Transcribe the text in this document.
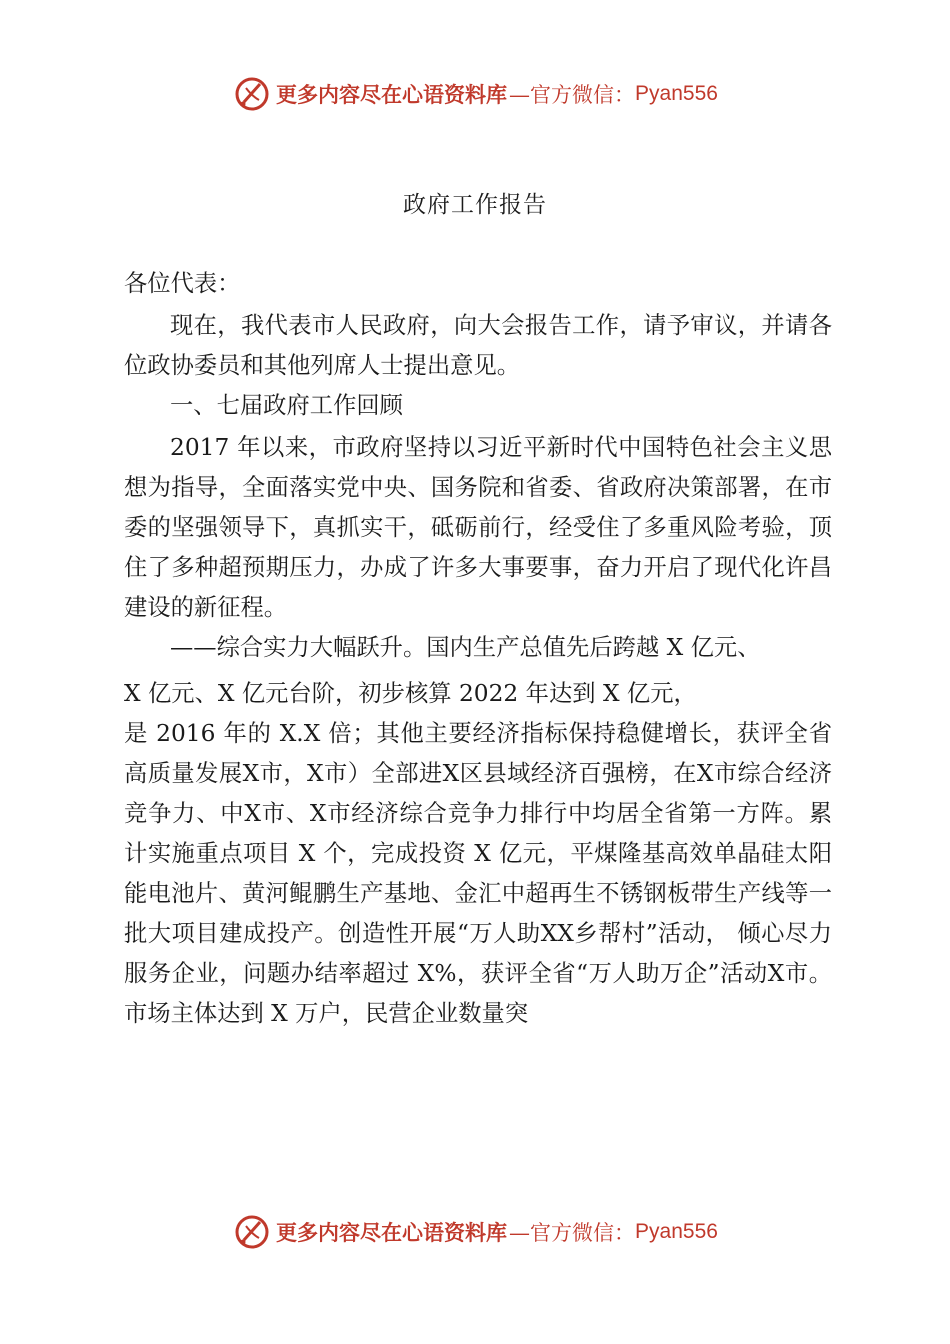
更多内容尽在心语资料库 —官方微信： Pyan556
政府工作报告

各位代表：

现在，我代表市人民政府，向大会报告工作，请予审议，并请各位政协委员和其他列席人士提出意见。

一、七届政府工作回顾

2017 年以来，市政府坚持以习近平新时代中国特色社会主义思想为指导，全面落实党中央、国务院和省委、省政府决策部署，在市委的坚强领导下，真抓实干，砥砺前行，经受住了多重风险考验，顶住了多种超预期压力，办成了许多大事要事，奋力开启了现代化许昌建设的新征程。

——综合实力大幅跃升。国内生产总值先后跨越 X 亿元、

X 亿元、X 亿元台阶，初步核算 2022 年达到 X 亿元，

是 2016 年的 X.X 倍；其他主要经济指标保持稳健增长，获评全省高质量发展X市，X市）全部进X区县域经济百强榜，在X市综合经济竞争力、中X市、X市经济综合竞争力排行中均居全省第一方阵。累计实施重点项目 X 个，完成投资 X 亿元，平煤隆基高效单晶硅太阳能电池片、黄河鲲鹏生产基地、金汇中超再生不锈钢板带生产线等一批大项目建成投产。创造性开展“万人助XX乡帮村”活动， 倾心尽力服务企业，问题办结率超过 X%，获评全省“万人助万企”活动X市。市场主体达到 X 万户，民营企业数量突

更多内容尽在心语资料库 —官方微信： Pyan556
